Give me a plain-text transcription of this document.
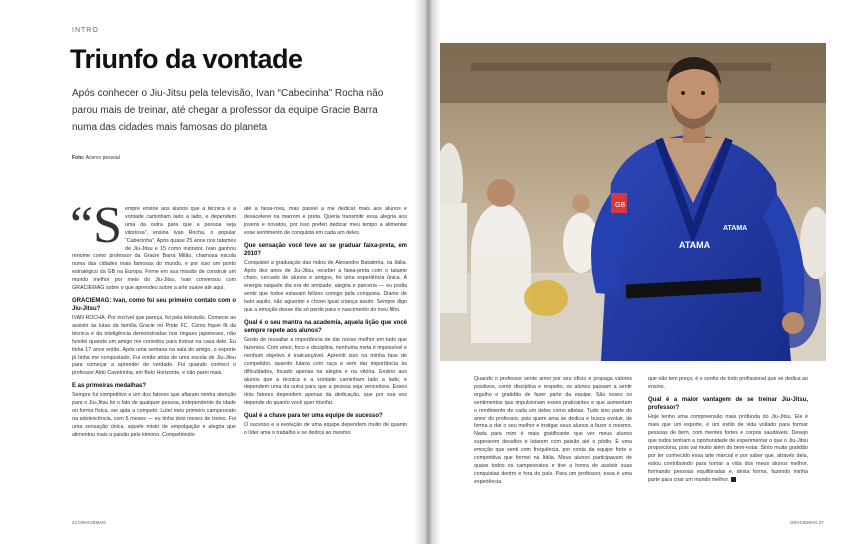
INTRO
Triunfo da vontade
Após conhecer o Jiu-Jitsu pela televisão, Ivan “Cabecinha” Rocha não parou mais de treinar, até chegar a professor da equipe Gracie Barra numa das cidades mais famosas do planeta
Foto: Acervo pessoal

“Sempre ensine aos alunos que a técnica e a vontade caminham lado a lado, e dependem uma da outra para que a pessoa seja vitoriosa”, ensina Ivan Rocha, o popular “Cabecinha”. Após quase 25 anos nos tatames de Jiu-Jitsu e 15 como instrutor, Ivan ganhou renome como professor da Gracie Barra Milão, chamosa escola numa das cidades mais famosas do mundo, e por isso um ponto estratégico da GB na Europa. Firme em sua missão de construir um mundo melhor por meio do Jiu-Jitsu, Ivan conversou com GRACIEMAG sobre o que aprendeu sobre a arte suave até aqui.

GRACIEMAG: Ivan, como foi seu primeiro contato com o Jiu-Jitsu?

IVAN ROCHA: Por incrível que pareça, foi pela televisão. Comecei ao assistir às lutas da família Gracie no Pride FC. Como fiquei fã da técnica e da inteligência demonstradas nos ringues japoneses, não hesitei quando um amigo me convidou para treinar na casa dele. Eu tinha 17 anos então. Após uma semana na sala do amigo, o esporte já tinha me conquistado. Fui então atrás de uma escola de Jiu-Jitsu para começar a aprender de verdade. Foi quando conheci o professor Aldo Caveirinha, em Belo Horizonte, e não parei mais.

E as primeiras medalhas?

Sempre fui competitivo e um dos fatores que afiaram minha atenção para o Jiu-Jitsu foi o fato de qualquer pessoa, independente de idade ou forma física, ser apta a competir. Lutei meu primeiro campeonato na adolescência, com 6 meses — eu tinha dois meses de treino. Foi uma sensação única, aquele misto de empolgação e alegria que alimentou mais a paixão pelo kimono. Competimuito

até a faixa-roxa, mas passei a me dedicar mais aos alunos e desacelerei na marrom e preta. Queria transmitir essa alegria aos jovens e novatos, por isso preferi dedicar meu tempo a alimentar esse sentimento de conquista em cada um deles.

Que sensação você teve ao se graduar faixa-preta, em 2010?

Conquistei a graduação das mãos de Alexandre Batatinha, na Itália. Após dez anos de Jiu-Jitsu, receber a faixa-preta com o tatame cheio, cercado de alunos e amigos, foi uma experiência única. A energia naquele dia era de amizade, alegria e parceria — eu podia sentir que todos estavam felizes comigo pela conquista. Diante de tudo aquilo, não aguentei e chorei igual criança assim. Sempre digo que a emoção desse dia só perde para o nascimento do meu filho.

Qual é o seu mantra na academia, aquela lição que você sempre repete aos alunos?

Gosto de ressaltar a importância de dar nosso melhor em tudo que fazemos. Com amor, foco e disciplina, nenhuma meta é impossível e nenhum objetivo é inalcançável. Aprendi isso na minha fase de competidor, quando lutava com raça e sem dar importância às dificuldades, focado apenas na alegria e na vitória. Ensino aos alunos que a técnica e a vontade caminham lado a lado, e dependem uma da outra para que a pessoa seja vencedora. Esses dois fatores dependem apenas da dedicação, que por sua vez depende do quanto você quer triunfar.

Qual é a chave para ter uma equipe de sucesso?

O sucesso e a evolução de uma equipe dependem muito de quanto o líder ama o trabalho e se dedica ao mesmo.

24 GRACIEMAG	GRACIEMAG 27
GB
ATAMA
ATAMA

Quando o professor sente amor por seu ofício e propaga valores positivos, como disciplina e respeito, os alunos passam a sentir orgulho e gratidão de fazer parte da equipe. São esses os sentimentos que impulsionam esses praticantes e que aumentam o rendimento de cada um deles como atletas. Tudo isso parte do amor do professor, pois quem ama se dedica e busca evoluir, de forma a dar o seu melhor e instigar seus alunos a fazer o mesmo. Nada para mim é mais gratificante que ver meus alunos superarem desafios e lutarem com paixão até o pódio. É uma emoção que senti com frequência, por conta da equipe forte e competitiva que formei na Itália. Meus alunos participavam de quase todos os campeonatos e tive a honra de assistir suas conquistas dentro e fora do país. Para um professor, essa é uma experiência

que não tem preço, é o sonho de todo profissional que se dedica ao ensino.

Qual é a maior vantagem de se treinar Jiu-Jitsu, professor?

Hoje tenho uma compreensão mais profunda do Jiu-Jitsu. Ele é mais que um esporte, é um estilo de vida voltado para formar pessoas de bem, com mentes fortes e corpos saudáveis. Desejo que todos tenham a oportunidade de experimentar o que o Jiu-Jitsu proporciona, pois vai muito além do bem-estar. Sinto muita gratidão por ter conhecido essa arte marcial e por saber que, através dela, estou contribuindo para tornar a vida dos meus alunos melhor, formando pessoas equilibradas e, desta forma, fazendo minha parte para criar um mundo melhor.
